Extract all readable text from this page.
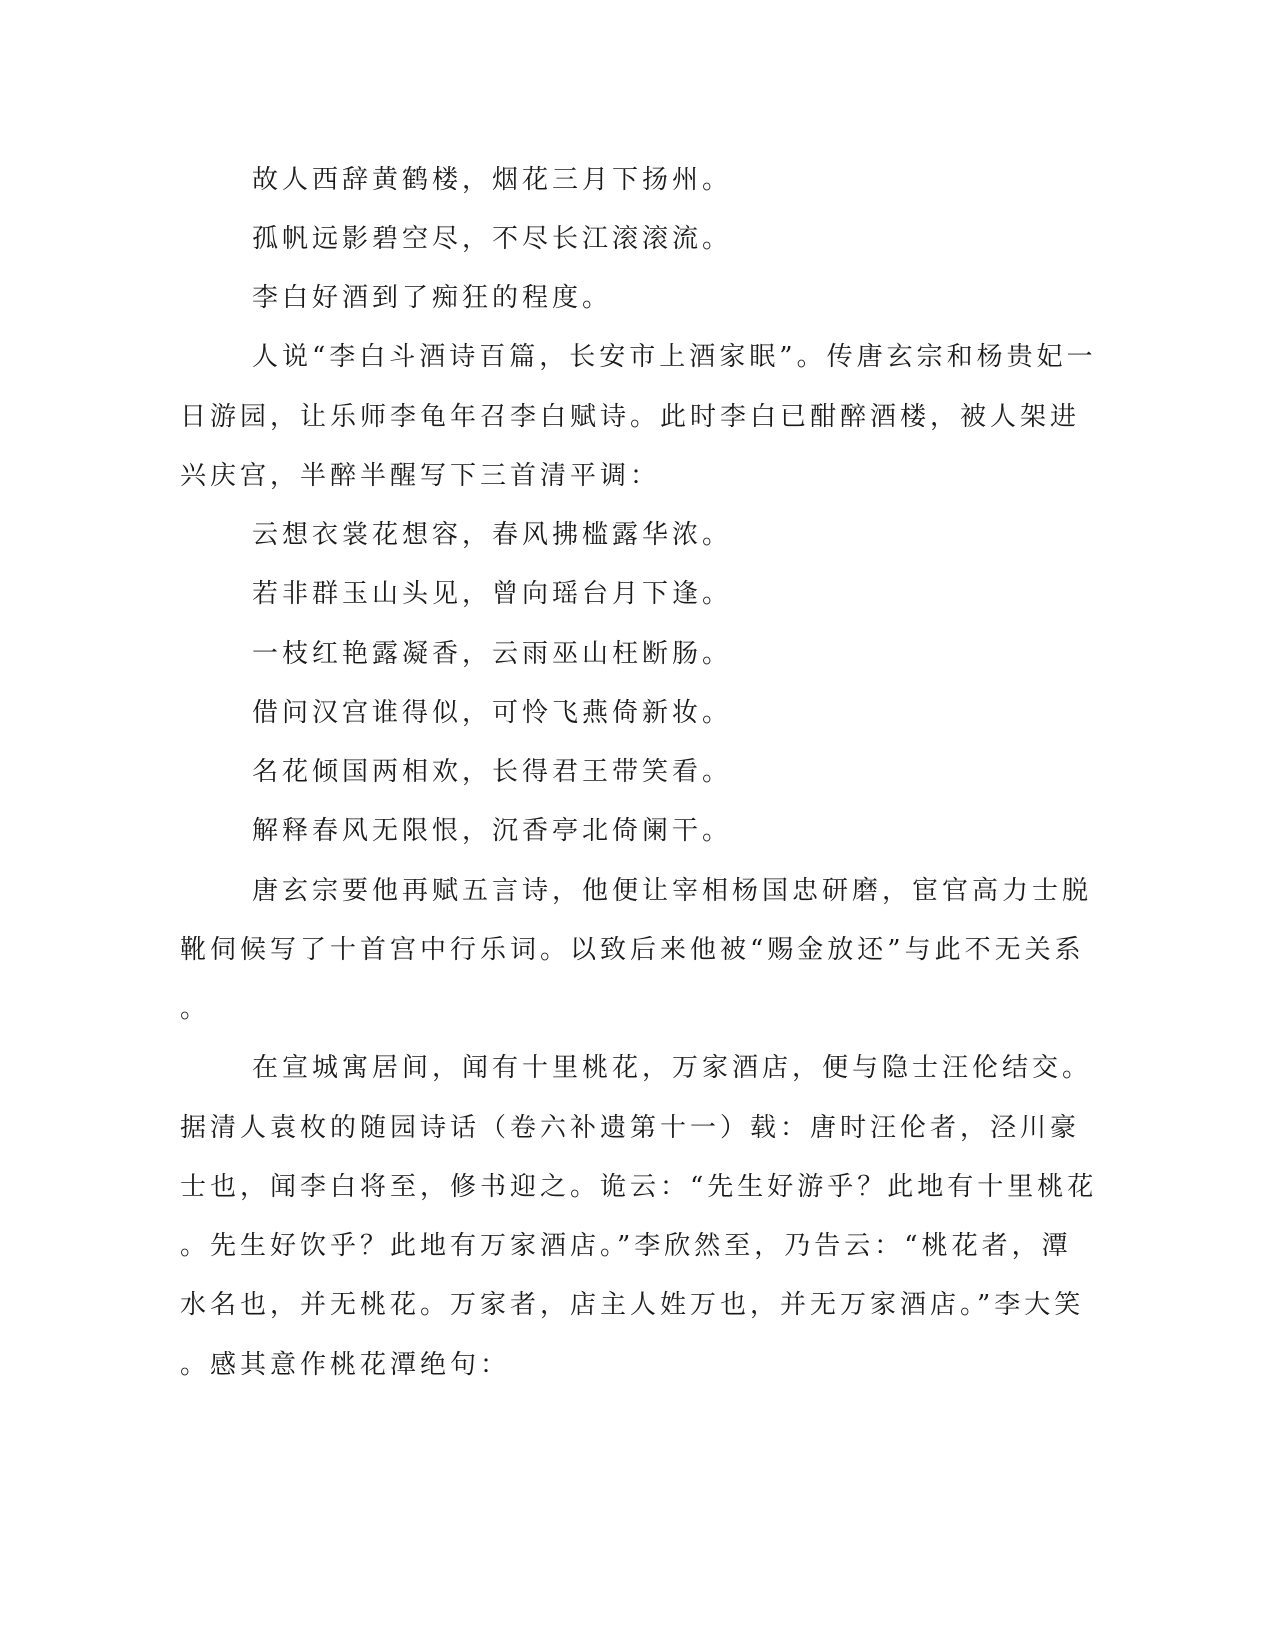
故人西辞黄鹤楼，烟花三月下扬州。

孤帆远影碧空尽，不尽长江滚滚流。

李白好酒到了痴狂的程度。

人说“李白斗酒诗百篇，长安市上酒家眠”。传唐玄宗和杨贵妃一

日游园，让乐师李龟年召李白赋诗。此时李白已酣醉酒楼，被人架进

兴庆宫，半醉半醒写下三首清平调：

云想衣裳花想容，春风拂槛露华浓。

若非群玉山头见，曾向瑶台月下逢。

一枝红艳露凝香，云雨巫山枉断肠。

借问汉宫谁得似，可怜飞燕倚新妆。

名花倾国两相欢，长得君王带笑看。

解释春风无限恨，沉香亭北倚阑干。

唐玄宗要他再赋五言诗，他便让宰相杨国忠研磨，宦官高力士脱

靴伺候写了十首宫中行乐词。以致后来他被“赐金放还”与此不无关系

。

在宣城寓居间，闻有十里桃花，万家酒店，便与隐士汪伦结交。

据清人袁枚的随园诗话（卷六补遗第十一）载：唐时汪伦者，泾川豪

士也，闻李白将至，修书迎之。诡云：“先生好游乎？此地有十里桃花

。先生好饮乎？此地有万家酒店。”李欣然至，乃告云：“桃花者，潭

水名也，并无桃花。万家者，店主人姓万也，并无万家酒店。”李大笑

。感其意作桃花潭绝句：
